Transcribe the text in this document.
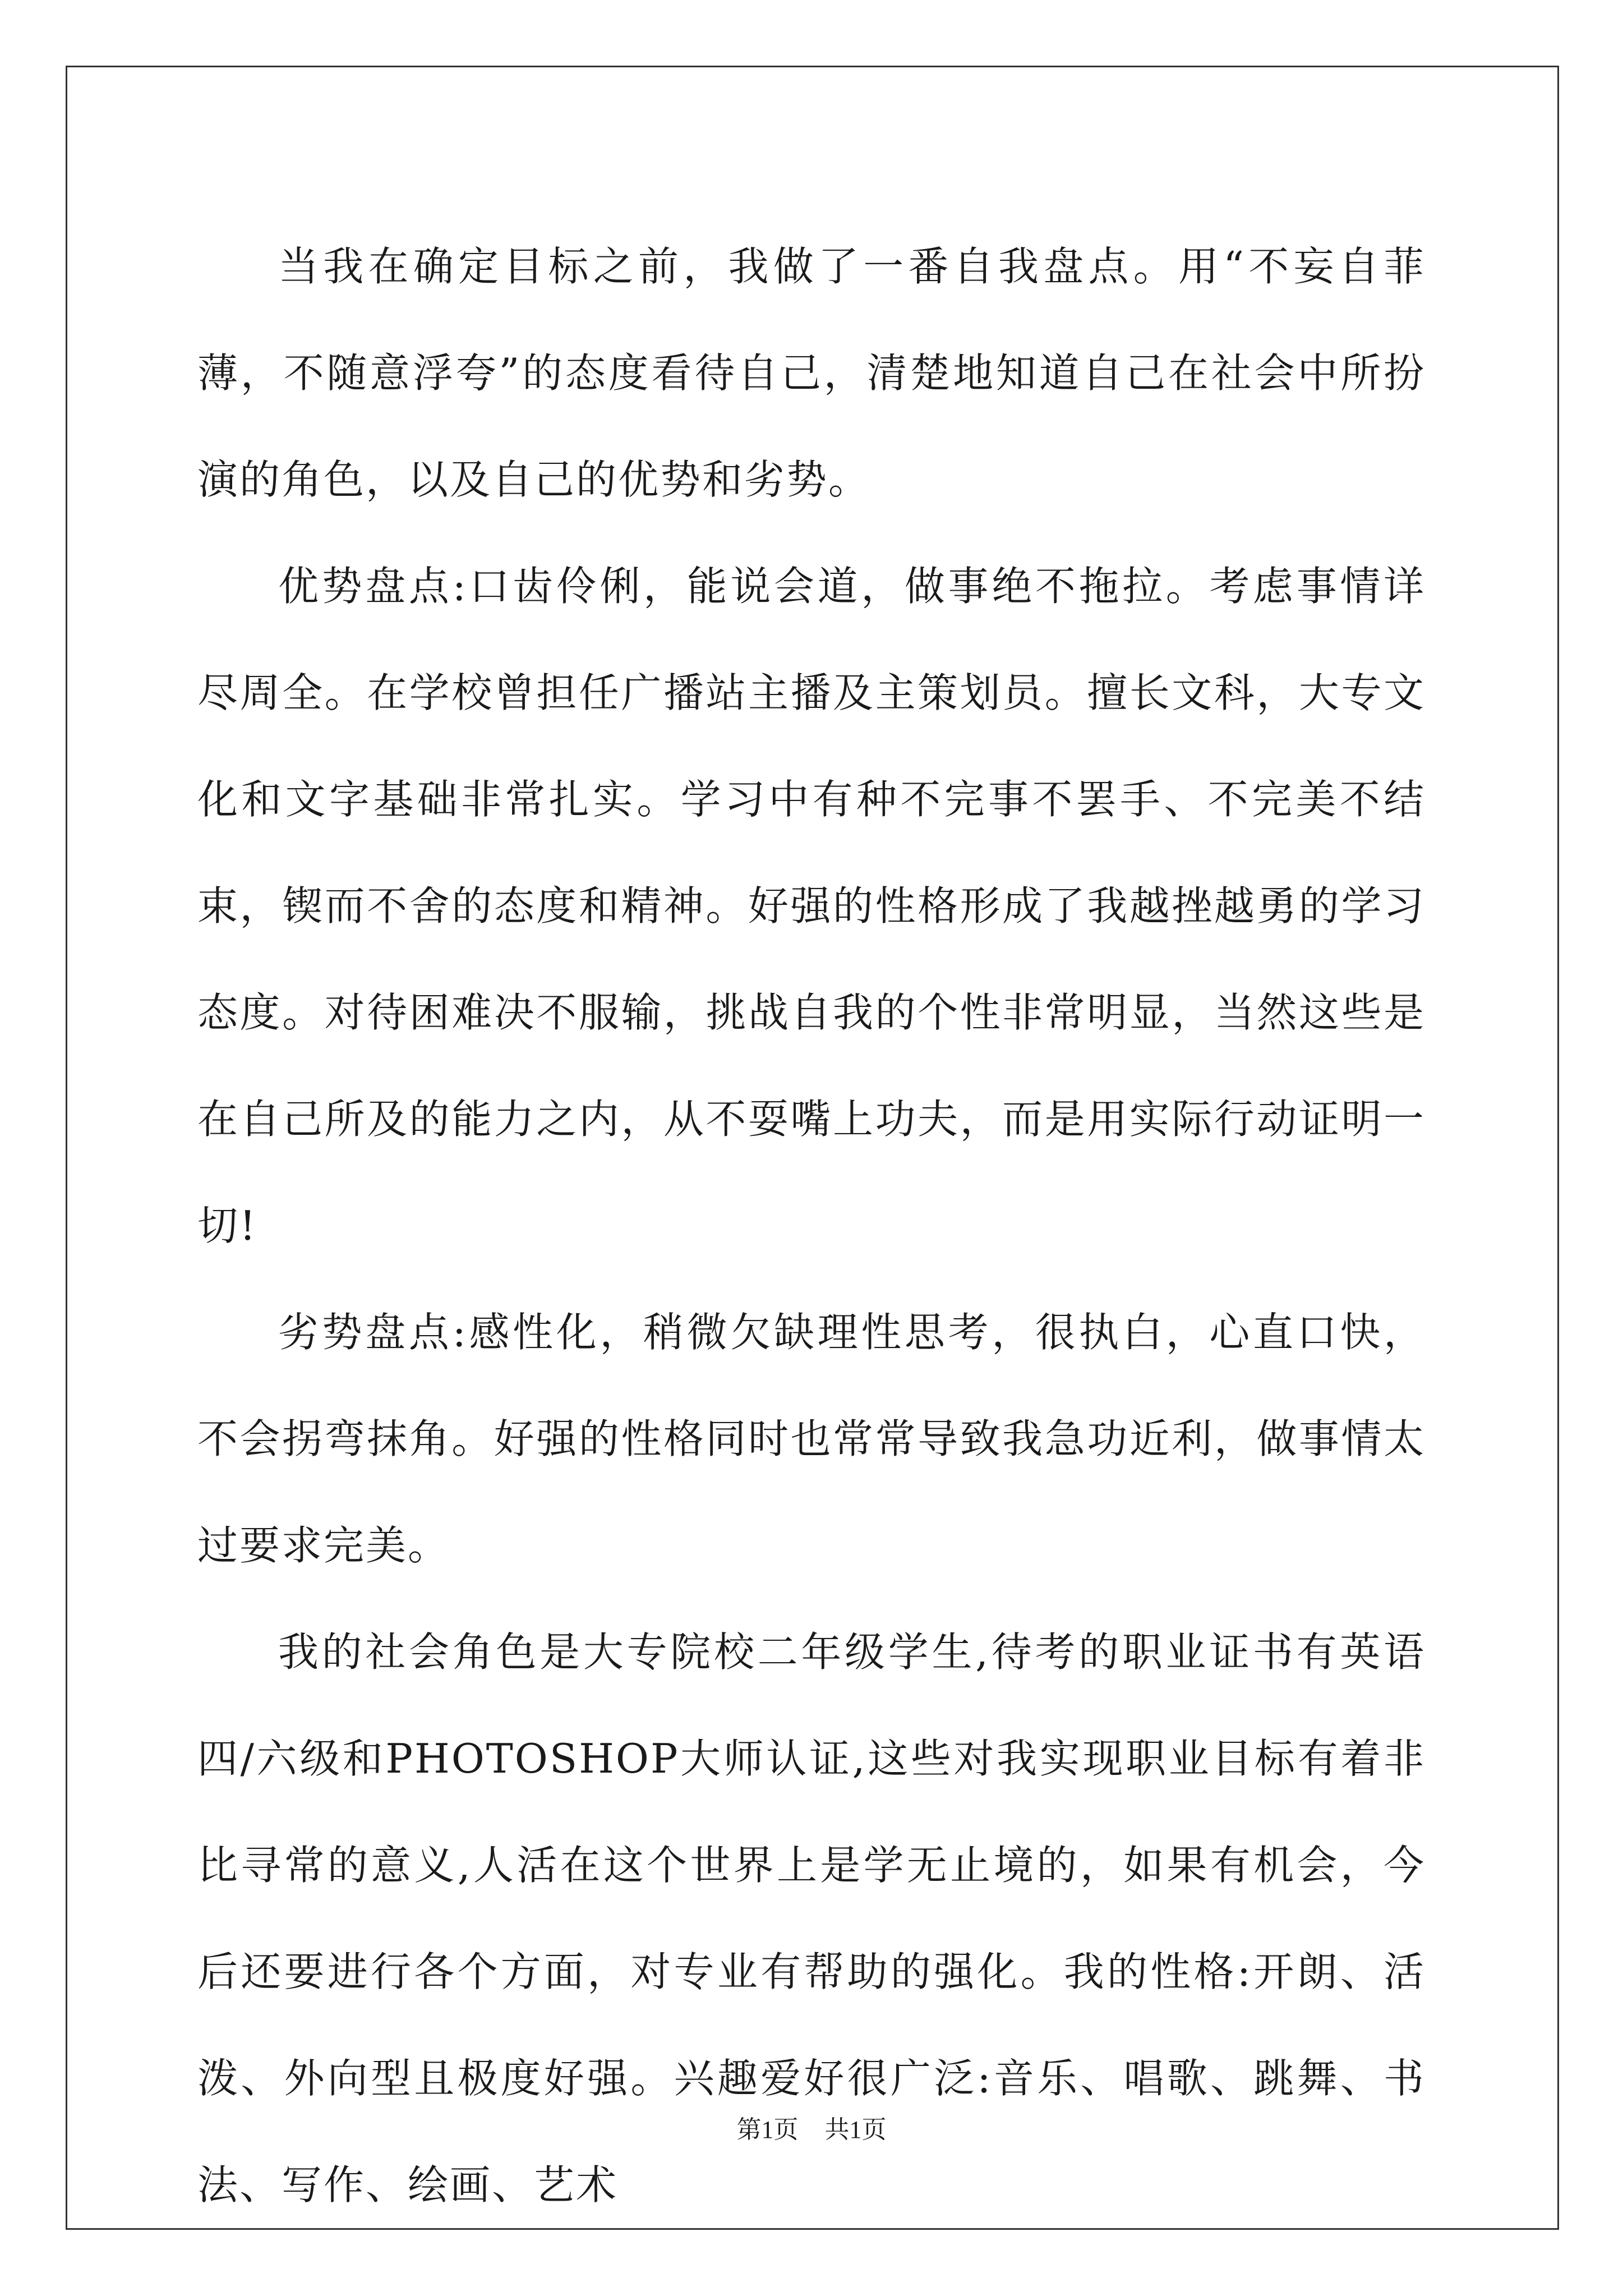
当我在确定目标之前，我做了一番自我盘点。用“不妄自菲薄，不随意浮夸”的态度看待自己，清楚地知道自己在社会中所扮演的角色，以及自己的优势和劣势。

优势盘点:口齿伶俐，能说会道，做事绝不拖拉。考虑事情详尽周全。在学校曾担任广播站主播及主策划员。擅长文科，大专文化和文字基础非常扎实。学习中有种不完事不罢手、不完美不结束，锲而不舍的态度和精神。好强的性格形成了我越挫越勇的学习态度。对待困难决不服输，挑战自我的个性非常明显，当然这些是在自己所及的能力之内，从不耍嘴上功夫，而是用实际行动证明一切!

劣势盘点:感性化，稍微欠缺理性思考，很执白，心直口快，不会拐弯抹角。好强的性格同时也常常导致我急功近利，做事情太过要求完美。

我的社会角色是大专院校二年级学生,待考的职业证书有英语四/六级和PHOTOSHOP大师认证,这些对我实现职业目标有着非比寻常的意义,人活在这个世界上是学无止境的，如果有机会，今后还要进行各个方面，对专业有帮助的强化。我的性格:开朗、活泼、外向型且极度好强。兴趣爱好很广泛:音乐、唱歌、跳舞、书法、写作、绘画、艺术

第1页 共1页
